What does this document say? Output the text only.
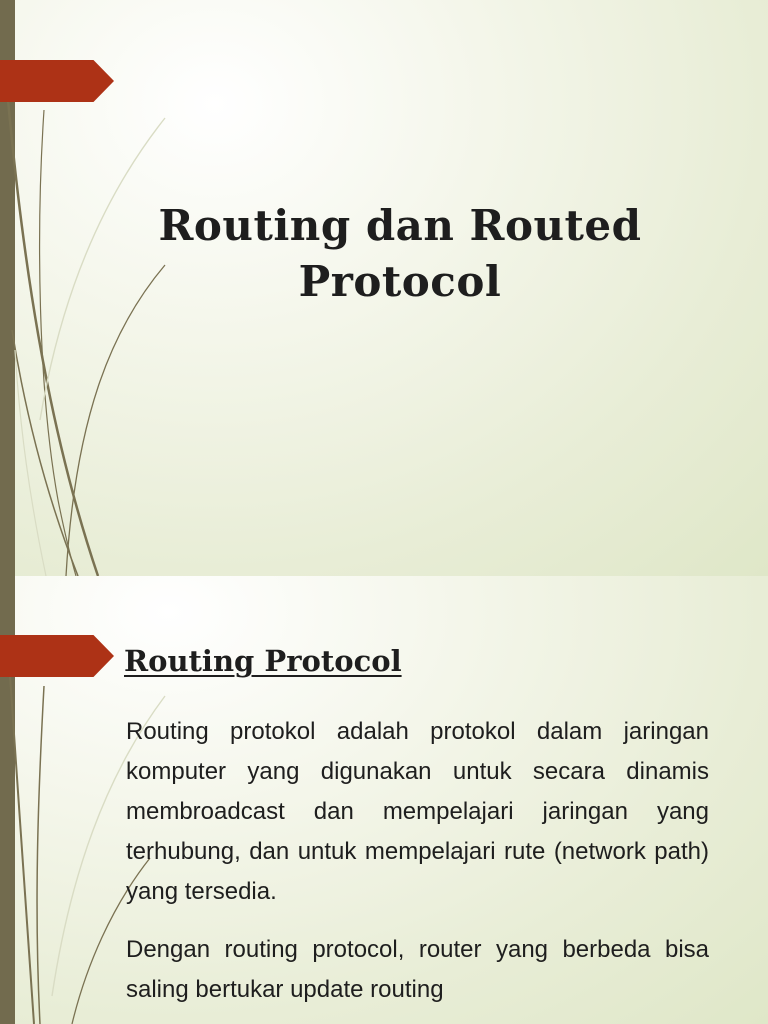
Routing dan Routed
Protocol
Routing Protocol

Routing protokol adalah protokol dalam jaringan komputer yang digunakan untuk secara dinamis membroadcast dan mempelajari jaringan yang terhubung, dan untuk mempelajari rute (network path) yang tersedia.

Dengan routing protocol, router yang berbeda bisa saling bertukar update routing
